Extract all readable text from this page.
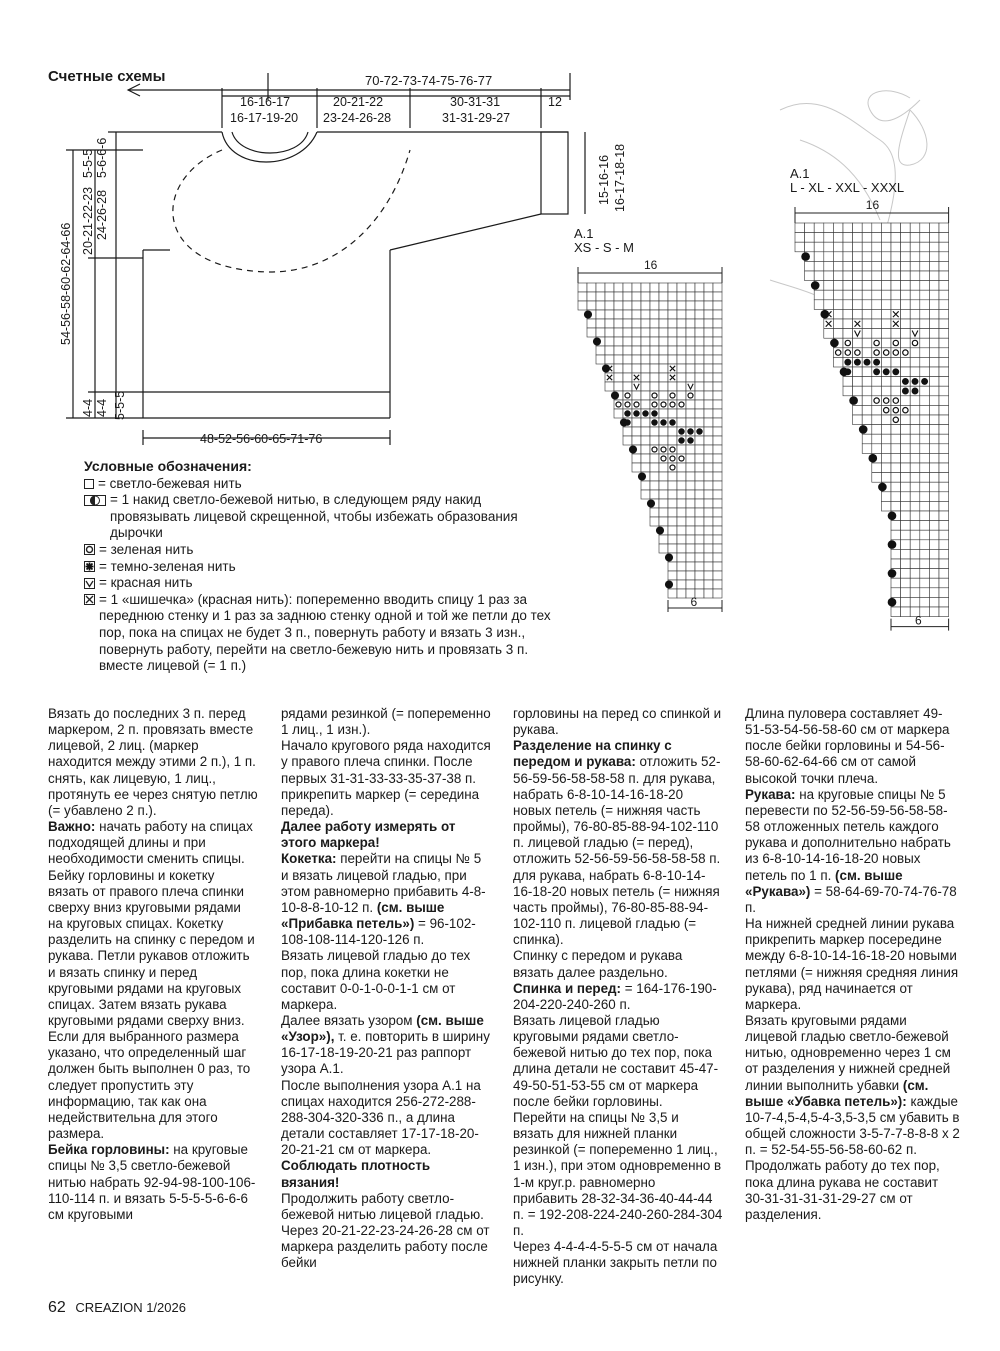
Счетные схемы	70-72-73-74-75-76-77
16-16-17
16-17-19-20
20-21-22
23-24-26-28
30-31-31
31-31-29-27
12
48-52-56-60-65-71-76
54-56-58-60-62-64-66
20-21-22-23 24-26-28
5-5-5 5-6-6-6
4-4 4-4 5-5-5
15-16-16 16-17-18-18
A.1
XS - S - M
16
6
A.1
L - XL - XXL - XXXL
16
6
Условные обозначения:
= светло-бежевая нить
= 1 накид светло-бежевой нитью, в следующем ряду накид провязывать лицевой скрещенной, чтобы избежать образования дырочки
= зеленая нить
= темно-зеленая нить
= красная нить
= 1 «шишечка» (красная нить): попеременно вводить спицу 1 раз за переднюю стенку и 1 раз за заднюю стенку одной и той же петли до тех пор, пока на спицах не будет 3 п., повернуть работу и вязать 3 изн., повернуть работу, перейти на светло-бежевую нить и провязать 3 п. вместе лицевой (= 1 п.)

Вязать до последних 3 п. перед маркером, 2 п. провязать вместе лицевой, 2 лиц. (маркер находится между этими 2 п.), 1 п. снять, как лицевую, 1 лиц., протянуть ее через снятую петлю (= убавлено 2 п.).

Важно: начать работу на спицах подходящей длины и при необходимости сменить спицы.

Бейку горловины и кокетку вязать от правого плеча спинки сверху вниз круговыми рядами на круговых спицах. Кокетку разделить на спинку с передом и рукава. Петли рукавов отложить и вязать спинку и перед круговыми рядами на круговых спицах. Затем вязать рукава круговыми рядами сверху вниз.

Если для выбранного размера указано, что определенный шаг должен быть выполнен 0 раз, то следует пропустить эту информацию, так как она недействительна для этого размера.

Бейка горловины: на круговые спицы № 3,5 светло-бежевой нитью набрать 92-94-98-100-106-110-114 п. и вязать 5-5-5-5-6-6-6 см круговыми

рядами резинкой (= попеременно 1 лиц., 1 изн.).

Начало кругового ряда находится у правого плеча спинки. После первых 31-31-33-33-35-37-38 п. прикрепить маркер (= середина переда).

Далее работу измерять от этого маркера!

Кокетка: перейти на спицы № 5 и вязать лицевой гладью, при этом равномерно прибавить 4-8-10-8-8-10-12 п. (см. выше «Прибавка петель») = 96-102-108-108-114-120-126 п.

Вязать лицевой гладью до тех пор, пока длина кокетки не составит 0-0-1-0-0-1-1 см от маркера.

Далее вязать узором (см. выше «Узор»), т. е. повторить в ширину 16-17-18-19-20-21 раз раппорт узора А.1.

После выполнения узора А.1 на спицах находится 256-272-288-288-304-320-336 п., а длина детали составляет 17-17-18-20-20-21-21 см от маркера. Соблюдать плотность вязания!

Продолжить работу светло-бежевой нитью лицевой гладью. Через 20-21-22-23-24-26-28 см от маркера разделить работу после бейки

горловины на перед со спинкой и рукава.

Разделение на спинку с передом и рукава: отложить 52-56-59-56-58-58-58 п. для рукава, набрать 6-8-10-14-16-18-20 новых петель (= нижняя часть проймы), 76-80-85-88-94-102-110 п. лицевой гладью (= перед), отложить 52-56-59-56-58-58-58 п. для рукава, набрать 6-8-10-14-16-18-20 новых петель (= нижняя часть проймы), 76-80-85-88-94-102-110 п. лицевой гладью (= спинка).

Спинку с передом и рукава вязать далее раздельно.

Спинка и перед: = 164-176-190-204-220-240-260 п.

Вязать лицевой гладью круговыми рядами светло-бежевой нитью до тех пор, пока длина детали не составит 45-47-49-50-51-53-55 см от маркера после бейки горловины.

Перейти на спицы № 3,5 и вязать для нижней планки резинкой (= попеременно 1 лиц., 1 изн.), при этом одновременно в 1-м круг.р. равномерно прибавить 28-32-34-36-40-44-44 п. = 192-208-224-240-260-284-304 п.

Через 4-4-4-4-5-5-5 см от начала нижней планки закрыть петли по рисунку.

Длина пуловера составляет 49-51-53-54-56-58-60 см от маркера после бейки горловины и 54-56-58-60-62-64-66 см от самой высокой точки плеча.

Рукава: на круговые спицы № 5 перевести по 52-56-59-56-58-58-58 отложенных петель каждого рукава и дополнительно набрать из 6-8-10-14-16-18-20 новых петель по 1 п. (см. выше «Рукава») = 58-64-69-70-74-76-78 п.

На нижней средней линии рукава прикрепить маркер посередине между 6-8-10-14-16-18-20 новыми петлями (= нижняя средняя линия рукава), ряд начинается от маркера.

Вязать круговыми рядами лицевой гладью светло-бежевой нитью, одновременно через 1 см от разделения у нижней средней линии выполнить убавки (см. выше «Убавка петель»): каждые 10-7-4,5-4,5-4-3,5-3,5 см убавить в общей сложности 3-5-7-7-8-8-8 x 2 п. = 52-54-55-56-58-60-62 п.

Продолжать работу до тех пор, пока длина рукава не составит 30-31-31-31-31-29-27 см от разделения.

62 CREAZION 1/2026
